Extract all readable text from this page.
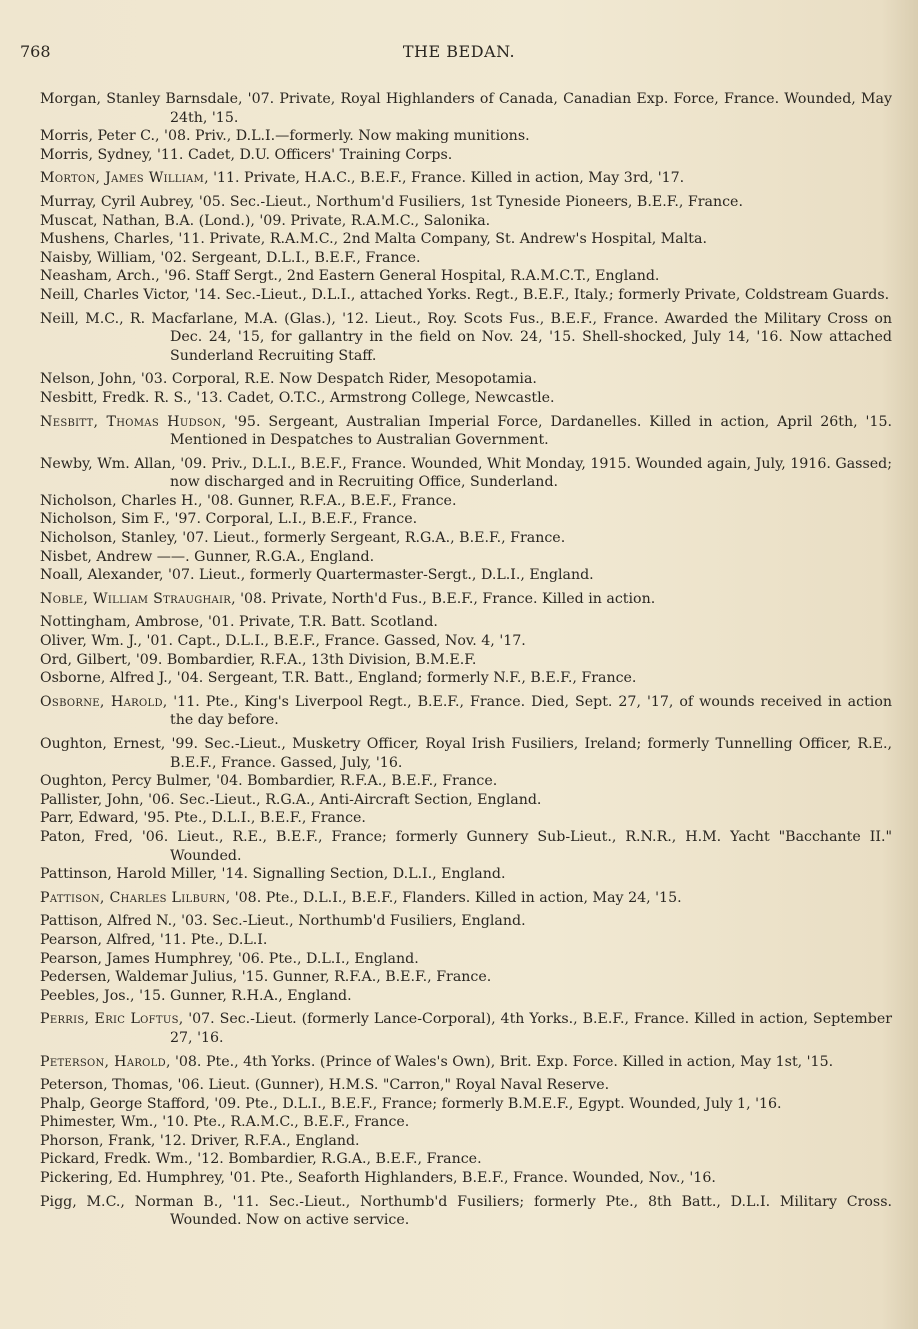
768	THE BEDAN.

Morgan, Stanley Barnsdale, '07. Private, Royal Highlanders of Canada, Canadian Exp. Force, France. Wounded, May 24th, '15.

Morris, Peter C., '08. Priv., D.L.I.—formerly. Now making munitions.

Morris, Sydney, '11. Cadet, D.U. Officers' Training Corps.

Morton, James William, '11. Private, H.A.C., B.E.F., France. Killed in action, May 3rd, '17.

Murray, Cyril Aubrey, '05. Sec.-Lieut., Northum'd Fusiliers, 1st Tyneside Pioneers, B.E.F., France.

Muscat, Nathan, B.A. (Lond.), '09. Private, R.A.M.C., Salonika.

Mushens, Charles, '11. Private, R.A.M.C., 2nd Malta Company, St. Andrew's Hospital, Malta.

Naisby, William, '02. Sergeant, D.L.I., B.E.F., France.

Neasham, Arch., '96. Staff Sergt., 2nd Eastern General Hospital, R.A.M.C.T., England.

Neill, Charles Victor, '14. Sec.-Lieut., D.L.I., attached Yorks. Regt., B.E.F., Italy.; formerly Private, Coldstream Guards.

Neill, M.C., R. Macfarlane, M.A. (Glas.), '12. Lieut., Roy. Scots Fus., B.E.F., France. Awarded the Military Cross on Dec. 24, '15, for gallantry in the field on Nov. 24, '15. Shell-shocked, July 14, '16. Now attached Sunderland Recruiting Staff.

Nelson, John, '03. Corporal, R.E. Now Despatch Rider, Mesopotamia.

Nesbitt, Fredk. R. S., '13. Cadet, O.T.C., Armstrong College, Newcastle.

Nesbitt, Thomas Hudson, '95. Sergeant, Australian Imperial Force, Dardanelles. Killed in action, April 26th, '15. Mentioned in Despatches to Australian Government.

Newby, Wm. Allan, '09. Priv., D.L.I., B.E.F., France. Wounded, Whit Monday, 1915. Wounded again, July, 1916. Gassed; now discharged and in Recruiting Office, Sunderland.

Nicholson, Charles H., '08. Gunner, R.F.A., B.E.F., France.

Nicholson, Sim F., '97. Corporal, L.I., B.E.F., France.

Nicholson, Stanley, '07. Lieut., formerly Sergeant, R.G.A., B.E.F., France.

Nisbet, Andrew ——. Gunner, R.G.A., England.

Noall, Alexander, '07. Lieut., formerly Quartermaster-Sergt., D.L.I., England.

Noble, William Straughair, '08. Private, North'd Fus., B.E.F., France. Killed in action.

Nottingham, Ambrose, '01. Private, T.R. Batt. Scotland.

Oliver, Wm. J., '01. Capt., D.L.I., B.E.F., France. Gassed, Nov. 4, '17.

Ord, Gilbert, '09. Bombardier, R.F.A., 13th Division, B.M.E.F.

Osborne, Alfred J., '04. Sergeant, T.R. Batt., England; formerly N.F., B.E.F., France.

Osborne, Harold, '11. Pte., King's Liverpool Regt., B.E.F., France. Died, Sept. 27, '17, of wounds received in action the day before.

Oughton, Ernest, '99. Sec.-Lieut., Musketry Officer, Royal Irish Fusiliers, Ireland; formerly Tunnelling Officer, R.E., B.E.F., France. Gassed, July, '16.

Oughton, Percy Bulmer, '04. Bombardier, R.F.A., B.E.F., France.

Pallister, John, '06. Sec.-Lieut., R.G.A., Anti-Aircraft Section, England.

Parr, Edward, '95. Pte., D.L.I., B.E.F., France.

Paton, Fred, '06. Lieut., R.E., B.E.F., France; formerly Gunnery Sub-Lieut., R.N.R., H.M. Yacht "Bacchante II." Wounded.

Pattinson, Harold Miller, '14. Signalling Section, D.L.I., England.

Pattison, Charles Lilburn, '08. Pte., D.L.I., B.E.F., Flanders. Killed in action, May 24, '15.

Pattison, Alfred N., '03. Sec.-Lieut., Northumb'd Fusiliers, England.

Pearson, Alfred, '11. Pte., D.L.I.

Pearson, James Humphrey, '06. Pte., D.L.I., England.

Pedersen, Waldemar Julius, '15. Gunner, R.F.A., B.E.F., France.

Peebles, Jos., '15. Gunner, R.H.A., England.

Perris, Eric Loftus, '07. Sec.-Lieut. (formerly Lance-Corporal), 4th Yorks., B.E.F., France. Killed in action, September 27, '16.

Peterson, Harold, '08. Pte., 4th Yorks. (Prince of Wales's Own), Brit. Exp. Force. Killed in action, May 1st, '15.

Peterson, Thomas, '06. Lieut. (Gunner), H.M.S. "Carron," Royal Naval Reserve.

Phalp, George Stafford, '09. Pte., D.L.I., B.E.F., France; formerly B.M.E.F., Egypt. Wounded, July 1, '16.

Phimester, Wm., '10. Pte., R.A.M.C., B.E.F., France.

Phorson, Frank, '12. Driver, R.F.A., England.

Pickard, Fredk. Wm., '12. Bombardier, R.G.A., B.E.F., France.

Pickering, Ed. Humphrey, '01. Pte., Seaforth Highlanders, B.E.F., France. Wounded, Nov., '16.

Pigg, M.C., Norman B., '11. Sec.-Lieut., Northumb'd Fusiliers; formerly Pte., 8th Batt., D.L.I. Military Cross. Wounded. Now on active service.
